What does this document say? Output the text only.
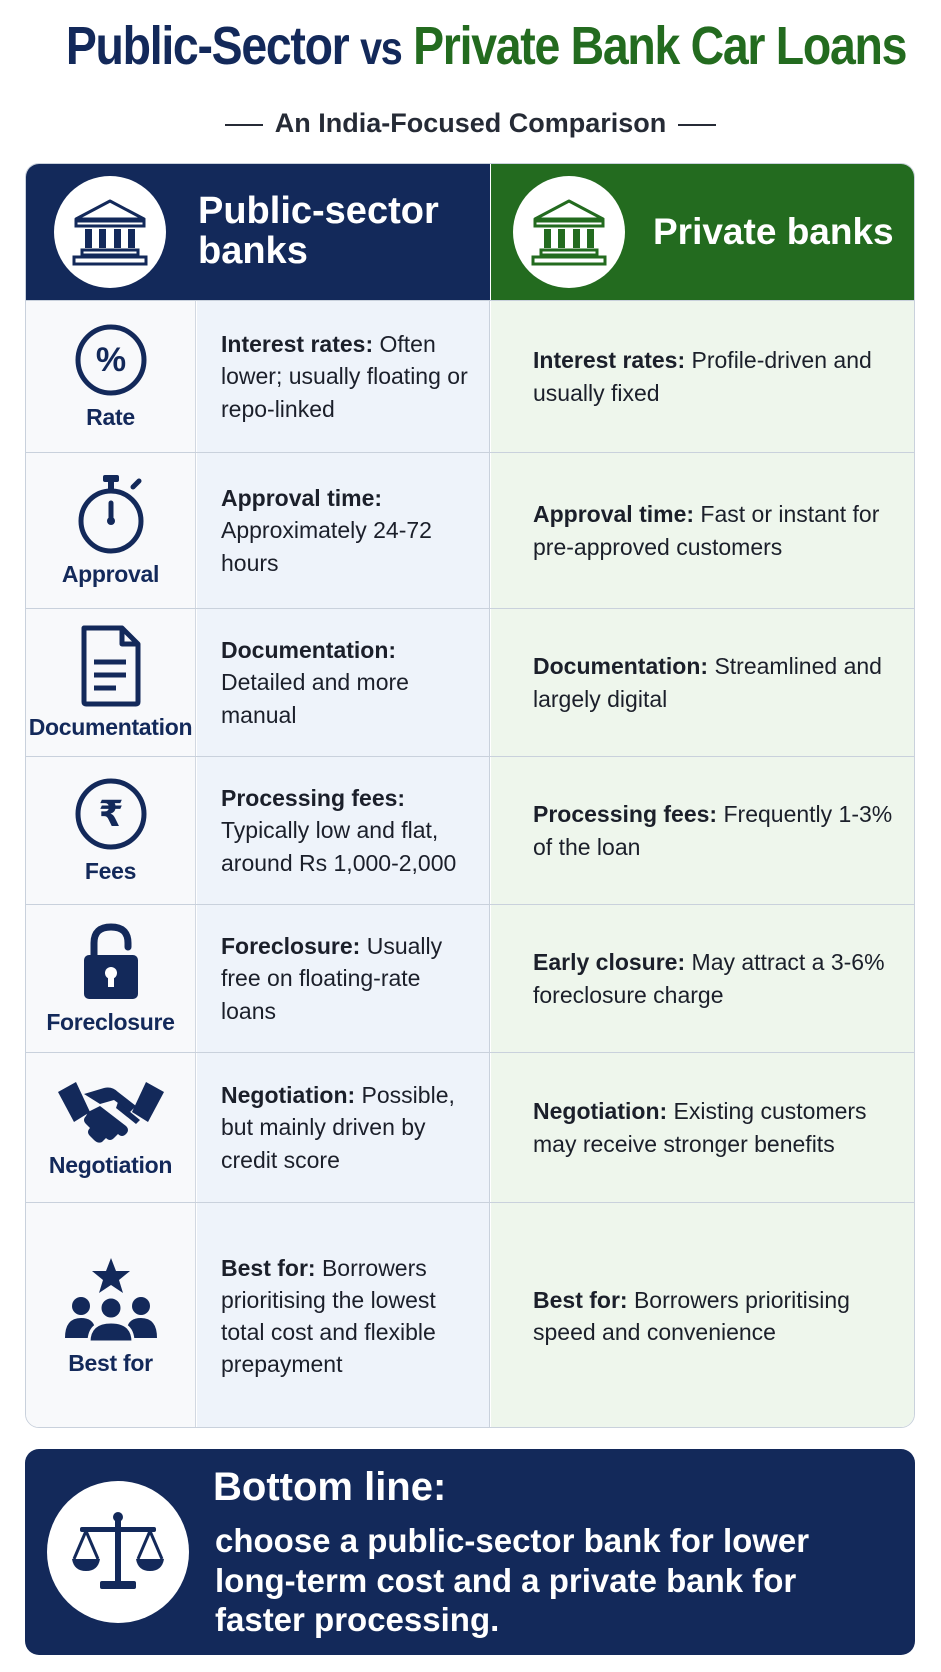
Public-Sector vs Private Bank Car Loans
An India-Focused Comparison
Public-sector
banks	Private banks
%
Rate
Interest rates: Often lower; usually floating or repo-linked
Interest rates: Profile-driven and usually fixed
Approval
Approval time: Approximately 24-72 hours
Approval time: Fast or instant for pre-approved customers
Documentation
Documentation: Detailed and more manual
Documentation: Streamlined and largely digital
₹
Fees
Processing fees: Typically low and flat, around Rs 1,000-2,000
Processing fees: Frequently 1-3% of the loan
Foreclosure
Foreclosure: Usually free on floating-rate loans
Early closure: May attract a 3-6% foreclosure charge
Negotiation
Negotiation: Possible, but mainly driven by credit score
Negotiation: Existing customers may receive stronger benefits
Best for
Best for: Borrowers prioritising the lowest total cost and flexible prepayment
Best for: Borrowers prioritising speed and convenience
Bottom line:
choose a public-sector bank for lower long-term cost and a private bank for faster processing.
